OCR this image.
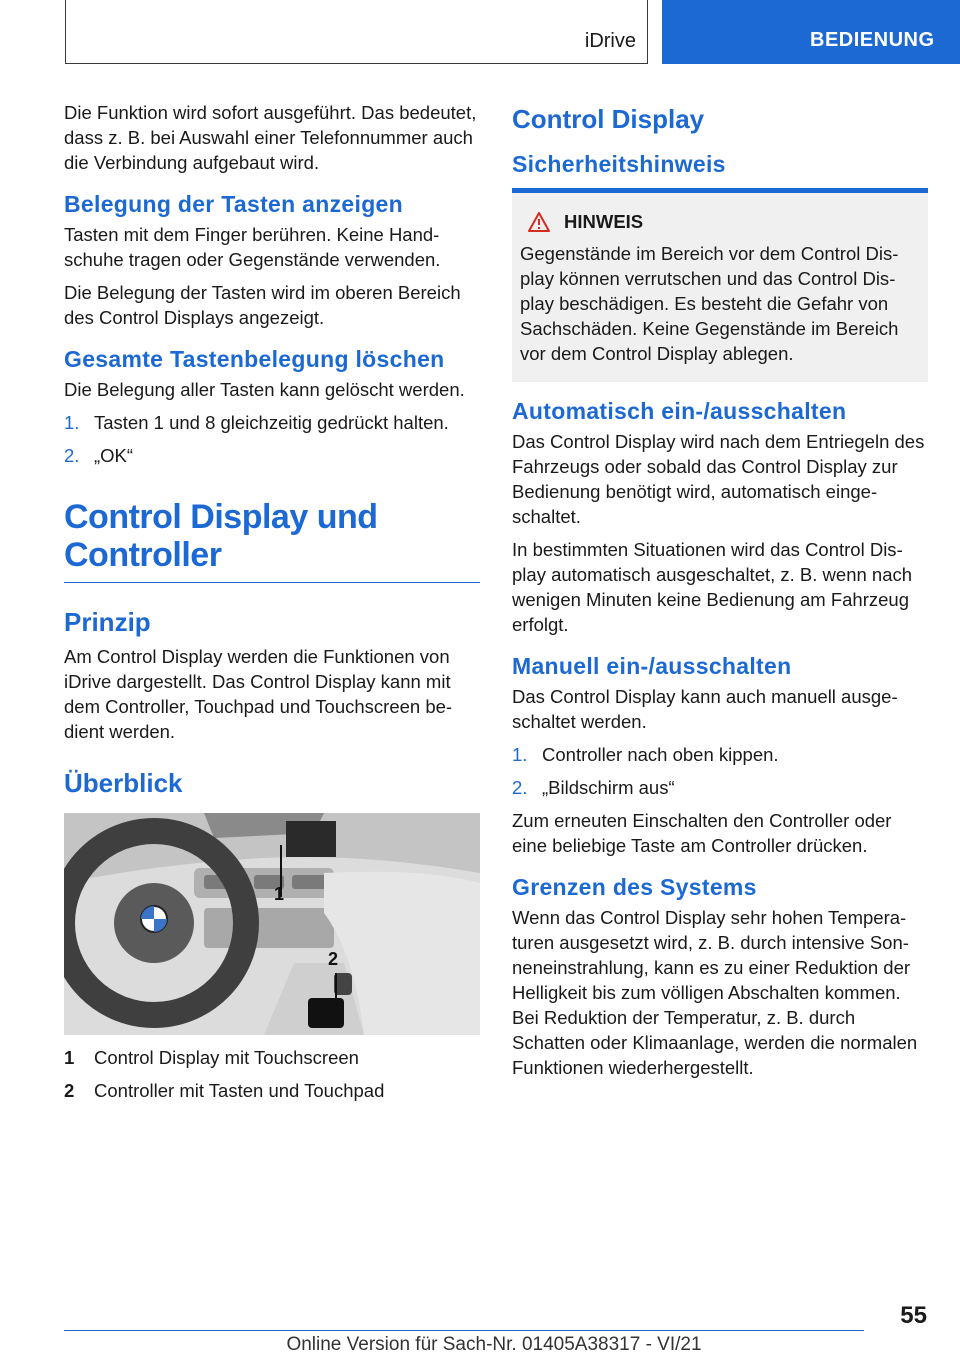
iDrive	BEDIENUNG

Die Funktion wird sofort ausgeführt. Das bedeutet, dass z. B. bei Auswahl einer Telefonnummer auch die Verbindung aufgebaut wird.

Belegung der Tasten anzeigen

Tasten mit dem Finger berühren. Keine Handschuhe tragen oder Gegenstände verwenden.

Die Belegung der Tasten wird im oberen Bereich des Control Displays angezeigt.

Gesamte Tastenbelegung löschen

Die Belegung aller Tasten kann gelöscht werden.

1. Tasten 1 und 8 gleichzeitig gedrückt halten.
2. „OK“
Control Display und Controller
Prinzip

Am Control Display werden die Funktionen von iDrive dargestellt. Das Control Display kann mit dem Controller, Touchpad und Touchscreen bedient werden.

Überblick
1
2
1	Control Display mit Touchscreen
2	Controller mit Tasten und Touchpad
Control Display
Sicherheitshinweis
HINWEIS

Gegenstände im Bereich vor dem Control Display können verrutschen und das Control Display beschädigen. Es besteht die Gefahr von Sachschäden. Keine Gegenstände im Bereich vor dem Control Display ablegen.

Automatisch ein-/ausschalten

Das Control Display wird nach dem Entriegeln des Fahrzeugs oder sobald das Control Display zur Bedienung benötigt wird, automatisch eingeschaltet.

In bestimmten Situationen wird das Control Display automatisch ausgeschaltet, z. B. wenn nach wenigen Minuten keine Bedienung am Fahrzeug erfolgt.

Manuell ein-/ausschalten

Das Control Display kann auch manuell ausgeschaltet werden.

1. Controller nach oben kippen.
2. „Bildschirm aus“

Zum erneuten Einschalten den Controller oder eine beliebige Taste am Controller drücken.

Grenzen des Systems

Wenn das Control Display sehr hohen Temperaturen ausgesetzt wird, z. B. durch intensive Sonneneinstrahlung, kann es zu einer Reduktion der Helligkeit bis zum völligen Abschalten kommen. Bei Reduktion der Temperatur, z. B. durch Schatten oder Klimaanlage, werden die normalen Funktionen wiederhergestellt.

55
Online Version für Sach-Nr. 01405A38317 - VI/21
